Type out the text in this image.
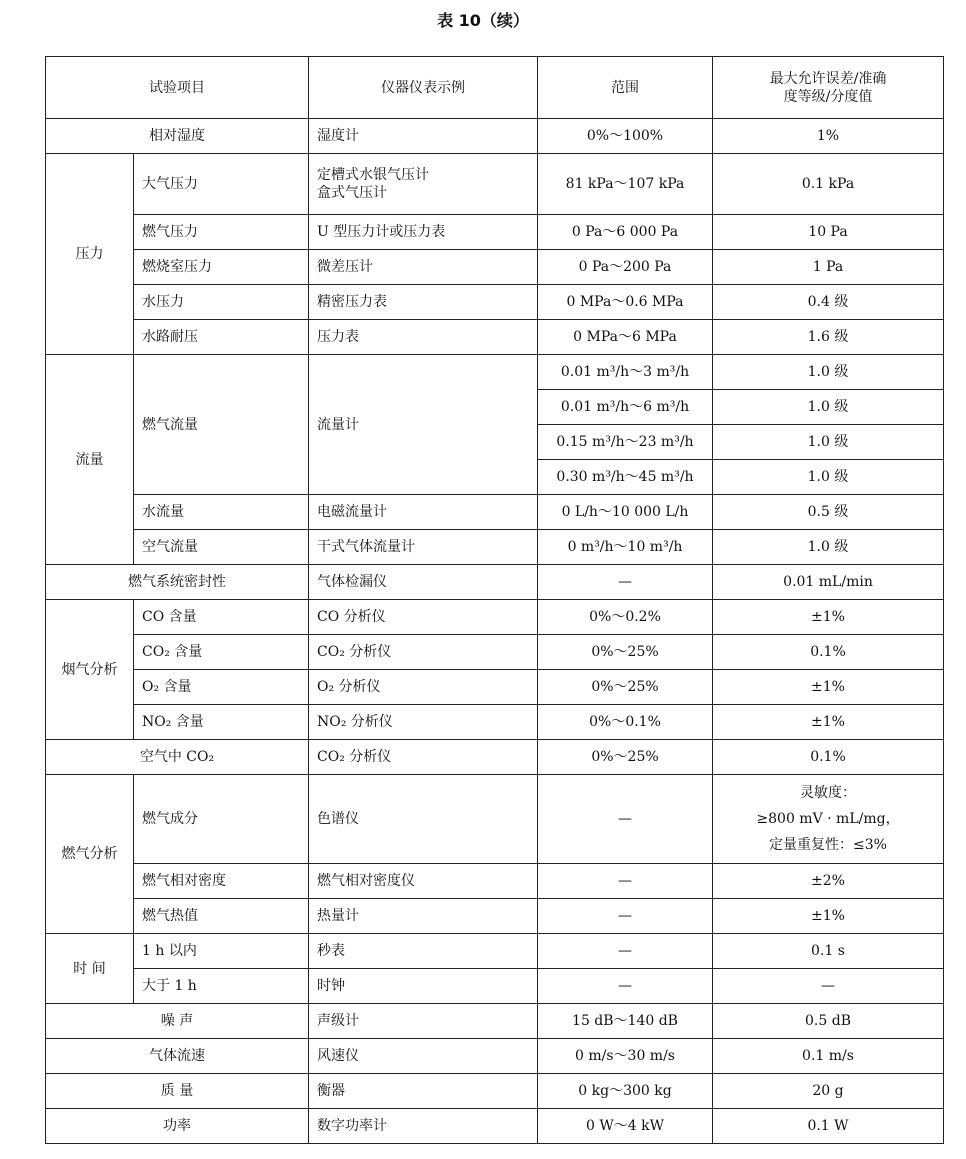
表 10（续）
试验项目		仪器仪表示例	范围	最大允许误差/准确
度等级/分度值
相对湿度		湿度计	0%～100%	1%
压力	大气压力	定槽式水银气压计
盒式气压计	81 kPa～107 kPa	0.1 kPa
	燃气压力	U 型压力计或压力表	0 Pa～6 000 Pa	10 Pa
	燃烧室压力	微差压计	0 Pa～200 Pa	1 Pa
	水压力	精密压力表	0 MPa～0.6 MPa	0.4 级
	水路耐压	压力表	0 MPa～6 MPa	1.6 级
流量	燃气流量	流量计	0.01 m³/h～3 m³/h	1.0 级
			0.01 m³/h～6 m³/h	1.0 级
			0.15 m³/h～23 m³/h	1.0 级
			0.30 m³/h～45 m³/h	1.0 级
	水流量	电磁流量计	0 L/h～10 000 L/h	0.5 级
	空气流量	干式气体流量计	0 m³/h～10 m³/h	1.0 级
燃气系统密封性		气体检漏仪	—	0.01 mL/min
烟气分析	CO 含量	CO 分析仪	0%～0.2%	±1%
	CO₂ 含量	CO₂ 分析仪	0%～25%	0.1%
	O₂ 含量	O₂ 分析仪	0%～25%	±1%
	NO₂ 含量	NO₂ 分析仪	0%～0.1%	±1%
空气中 CO₂		CO₂ 分析仪	0%～25%	0.1%
燃气分析	燃气成分	色谱仪	—	灵敏度：
≥800 mV · mL/mg，
定量重复性：≤3%
	燃气相对密度	燃气相对密度仪	—	±2%
	燃气热值	热量计	—	±1%
时 间	1 h 以内	秒表	—	0.1 s
	大于 1 h	时钟	—	—
噪 声		声级计	15 dB～140 dB	0.5 dB
气体流速		风速仪	0 m/s～30 m/s	0.1 m/s
质 量		衡器	0 kg～300 kg	20 g
功率		数字功率计	0 W～4 kW	0.1 W
